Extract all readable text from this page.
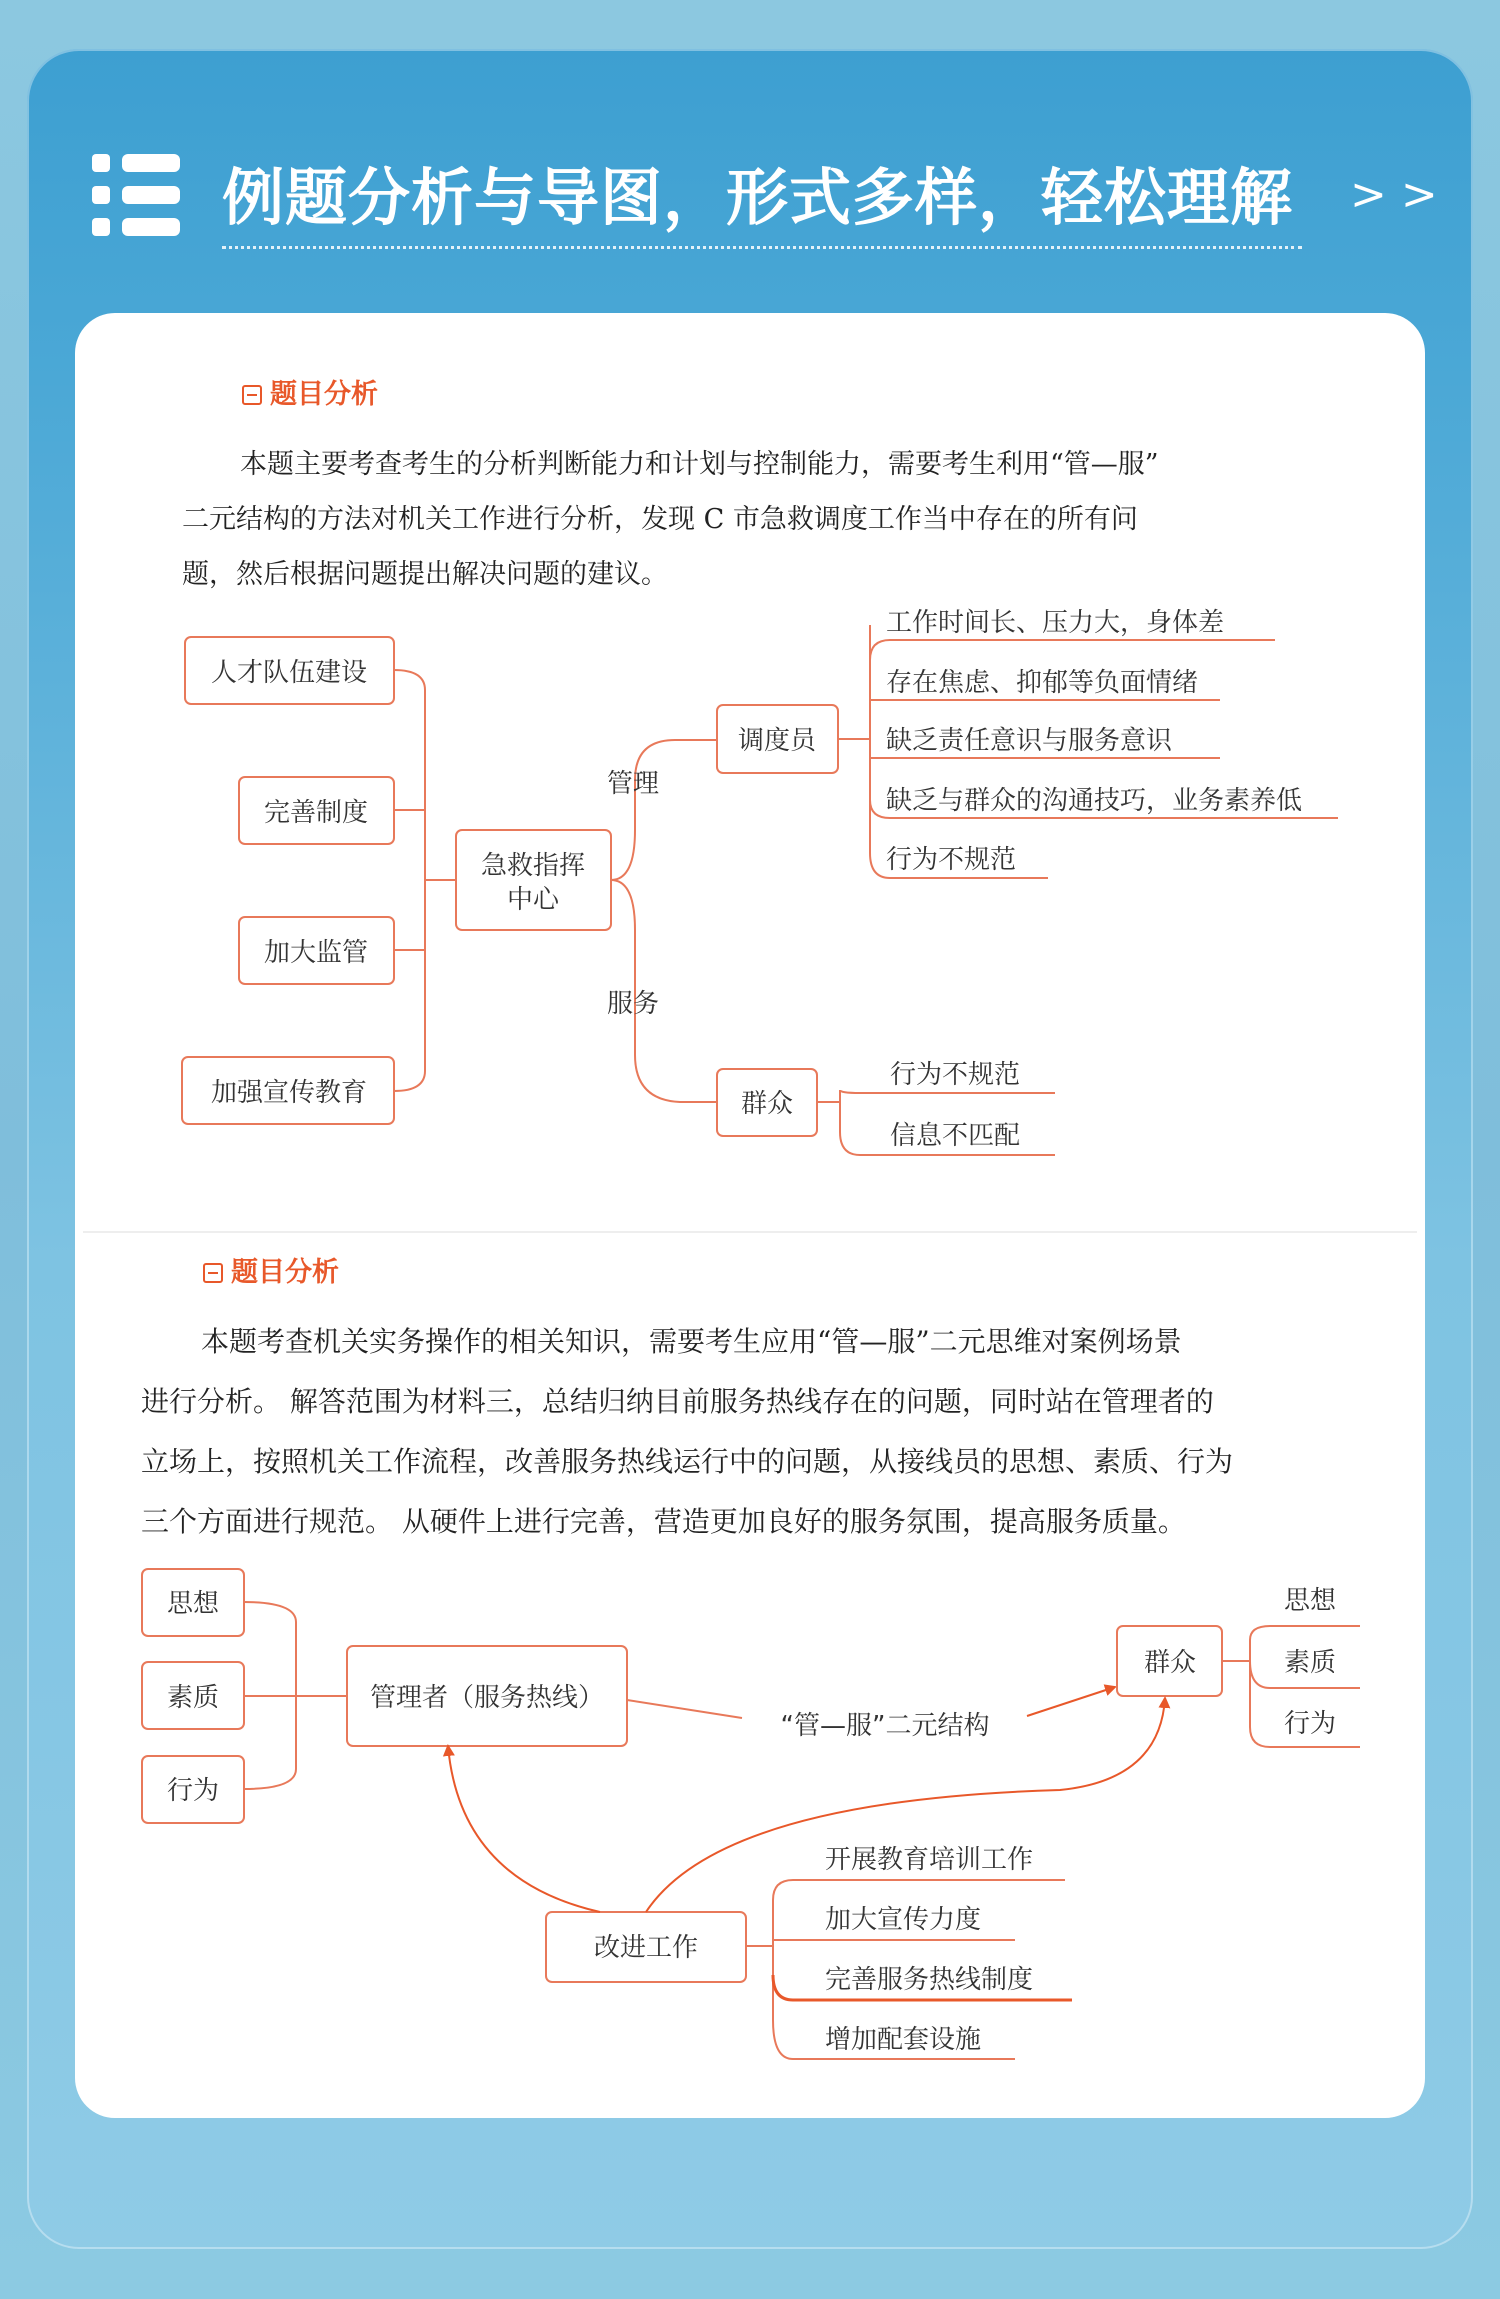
例题分析与导图，形式多样，轻松理解	> >
题目分析
本题主要考查考生的分析判断能力和计划与控制能力，需要考生利用“管—服”
二元结构的方法对机关工作进行分析，发现 C 市急救调度工作当中存在的所有问
题，然后根据问题提出解决问题的建议。
题目分析
本题考查机关实务操作的相关知识，需要考生应用“管—服”二元思维对案例场景
进行分析。 解答范围为材料三，总结归纳目前服务热线存在的问题，同时站在管理者的
立场上，按照机关工作流程，改善服务热线运行中的问题，从接线员的思想、素质、行为
三个方面进行规范。 从硬件上进行完善，营造更加良好的服务氛围，提高服务质量。
人才队伍建设
完善制度
加大监管
加强宣传教育
急救指挥
中心
管理
服务
调度员
工作时间长、压力大，身体差
存在焦虑、抑郁等负面情绪
缺乏责任意识与服务意识
缺乏与群众的沟通技巧，业务素养低
行为不规范
群众
行为不规范
信息不匹配
思想
素质
行为
管理者（服务热线）
“管—服”二元结构
群众
思想
素质
行为
改进工作
开展教育培训工作
加大宣传力度
完善服务热线制度
增加配套设施
